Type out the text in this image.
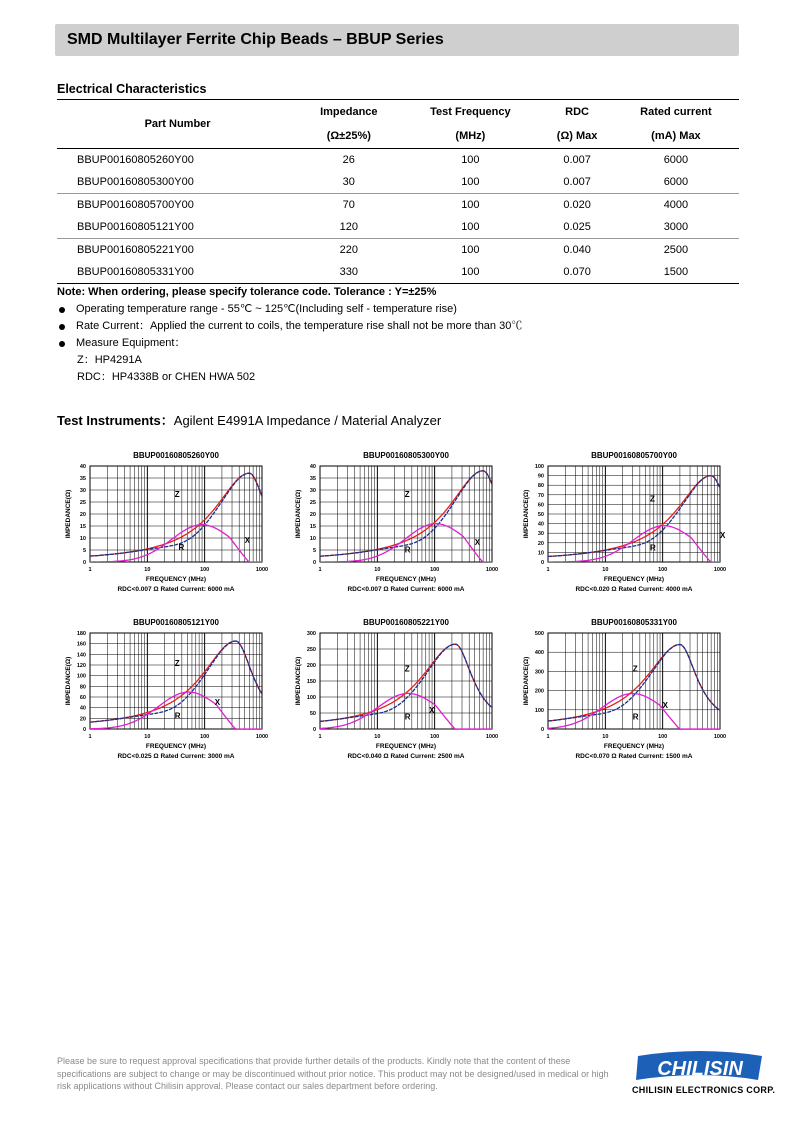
SMD Multilayer Ferrite Chip Beads – BBUP Series
Electrical Characteristics
Part Number	Impedance	Test Frequency	RDC	Rated current
	(Ω±25%)	(MHz)	(Ω) Max	(mA) Max
BBUP00160805260Y00	26	100	0.007	6000
BBUP00160805300Y00	30	100	0.007	6000
BBUP00160805700Y00	70	100	0.020	4000
BBUP00160805121Y00	120	100	0.025	3000
BBUP00160805221Y00	220	100	0.040	2500
BBUP00160805331Y00	330	100	0.070	1500
Note: When ordering, please specify tolerance code. Tolerance : Y=±25%
Operating temperature range - 55℃ ~ 125℃(Including self - temperature rise)
Rate Current：Applied the current to coils, the temperature rise shall not be more than 30℃
Measure Equipment：
Z：HP4291A
RDC：HP4338B or CHEN HWA 502
Test Instruments：Agilent E4991A Impedance / Material Analyzer
BBUP00160805260Y00
0
5
10
15
20
25
30
35
40
1	10	100	1000
FREQUENCY (MHz)
RDC<0.007 Ω Rated Current: 6000 mA
IMPEDANCE(Ω)	Z
X
R
BBUP00160805300Y00
0
5
10
15
20
25
30
35
40
1	10	100	1000
FREQUENCY (MHz)
RDC<0.007 Ω Rated Current: 6000 mA
IMPEDANCE(Ω)	Z
X
R
BBUP00160805700Y00
0
10
20
30
40
50
60
70
80
90
100
1	10	100	1000
FREQUENCY (MHz)
RDC<0.020 Ω Rated Current: 4000 mA
IMPEDANCE(Ω)	Z
X
R
BBUP00160805121Y00
0
20
40
60
80
100
120
140
160
180
1	10	100	1000
FREQUENCY (MHz)
RDC<0.025 Ω Rated Current: 3000 mA
IMPEDANCE(Ω)	Z
X
R
BBUP00160805221Y00
0
50
100
150
200
250
300
1	10	100	1000
FREQUENCY (MHz)
RDC<0.040 Ω Rated Current: 2500 mA
IMPEDANCE(Ω)	Z
X
R
BBUP00160805331Y00
0
100
200
300
400
500
1	10	100	1000
FREQUENCY (MHz)
RDC<0.070 Ω Rated Current: 1500 mA
IMPEDANCE(Ω)	Z
X
R
Please be sure to request approval specifications that provide further details of the products. Kindly note that the content of these specifications are subject to change or may be discontinued without prior notice. This product may not be designed/used in medical or high risk applications without Chilisin approval. Please contact our sales department before ordering.
CHILISIN
CHILISIN ELECTRONICS CORP.
